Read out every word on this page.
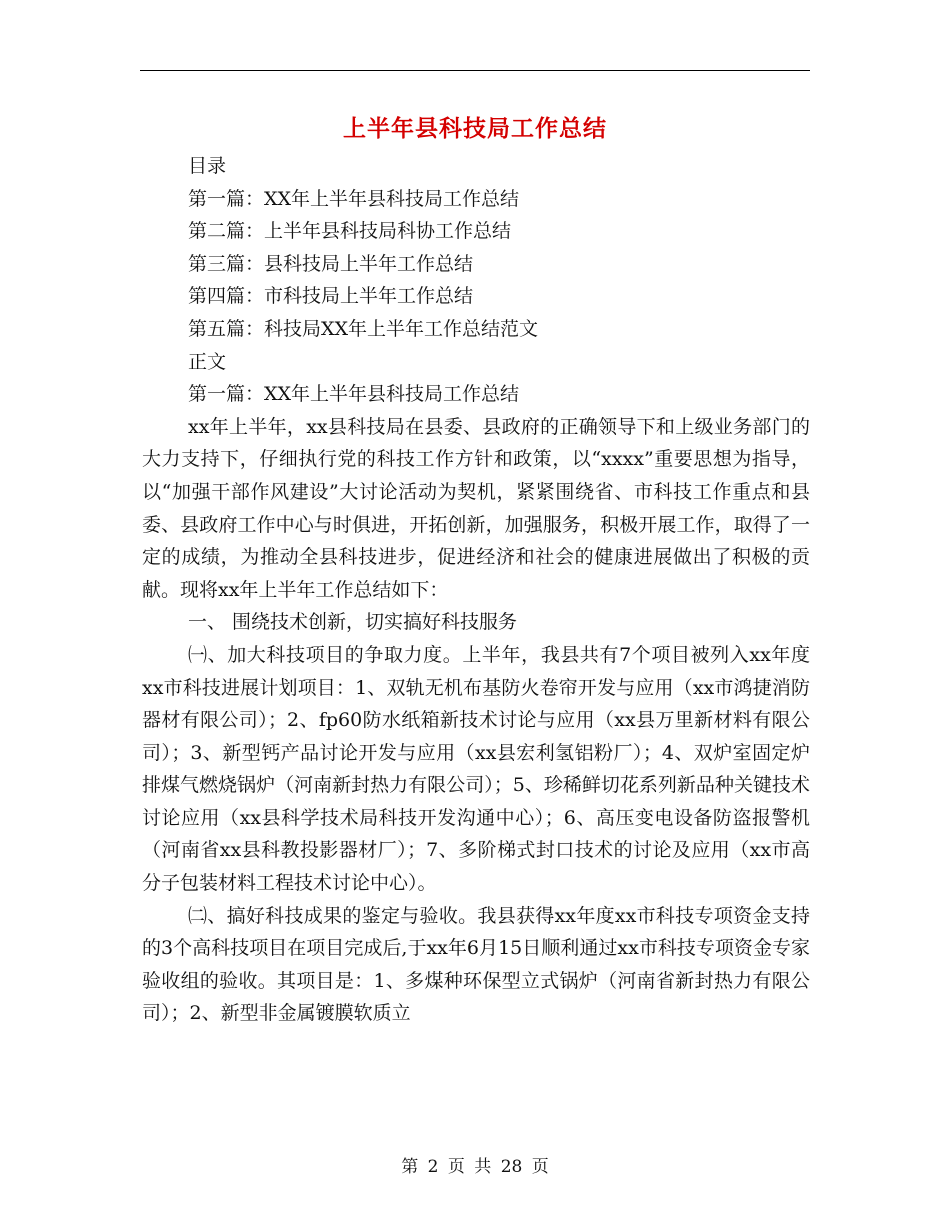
上半年县科技局工作总结
目录
第一篇：XX年上半年县科技局工作总结
第二篇：上半年县科技局科协工作总结
第三篇：县科技局上半年工作总结
第四篇：市科技局上半年工作总结
第五篇：科技局XX年上半年工作总结范文
正文
第一篇：XX年上半年县科技局工作总结

xx年上半年，xx县科技局在县委、县政府的正确领导下和上级业务部门的大力支持下，仔细执行党的科技工作方针和政策，以“xxxx”重要思想为指导，以“加强干部作风建设”大讨论活动为契机，紧紧围绕省、市科技工作重点和县委、县政府工作中心与时俱进，开拓创新，加强服务，积极开展工作，取得了一定的成绩，为推动全县科技进步，促进经济和社会的健康进展做出了积极的贡献。现将xx年上半年工作总结如下：

一、 围绕技术创新，切实搞好科技服务

㈠、加大科技项目的争取力度。上半年，我县共有7个项目被列入xx年度xx市科技进展计划项目：1、双轨无机布基防火卷帘开发与应用（xx市鸿捷消防器材有限公司）；2、fp60防水纸箱新技术讨论与应用（xx县万里新材料有限公司）；3、新型钙产品讨论开发与应用（xx县宏利氢铝粉厂）；4、双炉室固定炉排煤气燃烧锅炉（河南新封热力有限公司）；5、珍稀鲜切花系列新品种关键技术讨论应用（xx县科学技术局科技开发沟通中心）；6、高压变电设备防盗报警机（河南省xx县科教投影器材厂）；7、多阶梯式封口技术的讨论及应用（xx市高分子包装材料工程技术讨论中心）。

㈡、搞好科技成果的鉴定与验收。我县获得xx年度xx市科技专项资金支持的3个高科技项目在项目完成后,于xx年6月15日顺利通过xx市科技专项资金专家验收组的验收。其项目是：1、多煤种环保型立式锅炉（河南省新封热力有限公司）；2、新型非金属镀膜软质立

第 2 页 共 28 页
